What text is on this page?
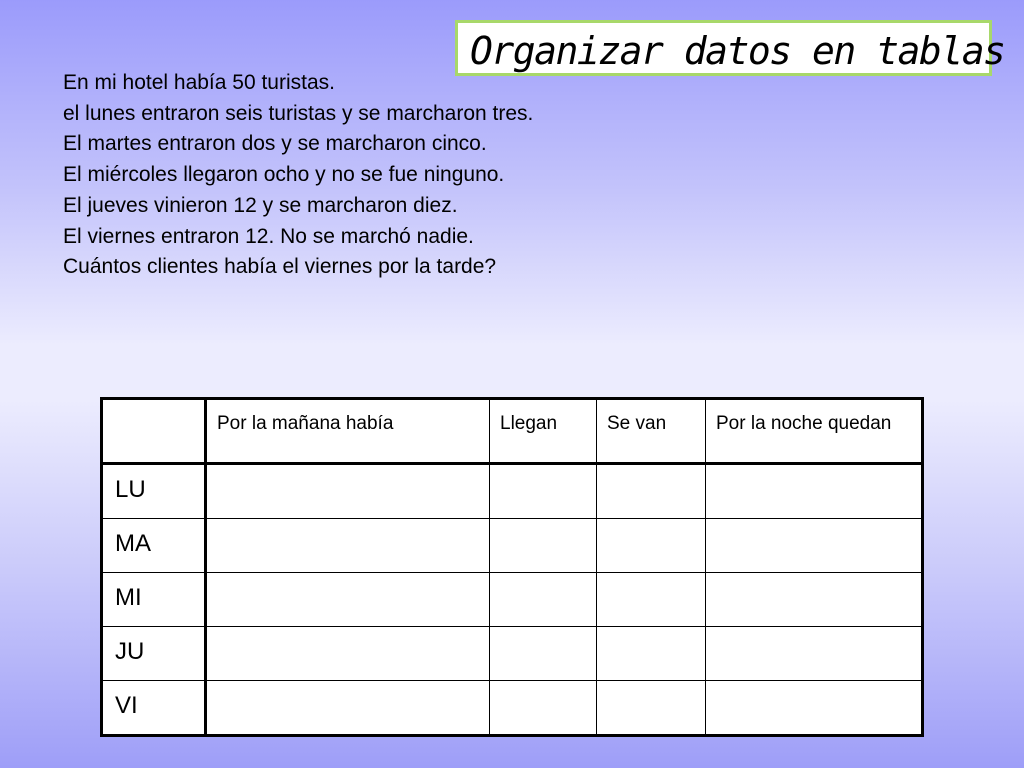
Organizar datos en tablas
En mi hotel había 50 turistas.
el lunes entraron seis turistas y se marcharon tres.
El martes entraron dos y se marcharon cinco.
El miércoles llegaron ocho y no se fue ninguno.
El jueves vinieron 12 y se marcharon diez.
El viernes entraron 12. No se marchó nadie.
Cuántos clientes había el viernes por la tarde?

	Por la mañana había	Llegan	Se van	Por la noche quedan

LU				

MA				

MI				

JU				

VI				
